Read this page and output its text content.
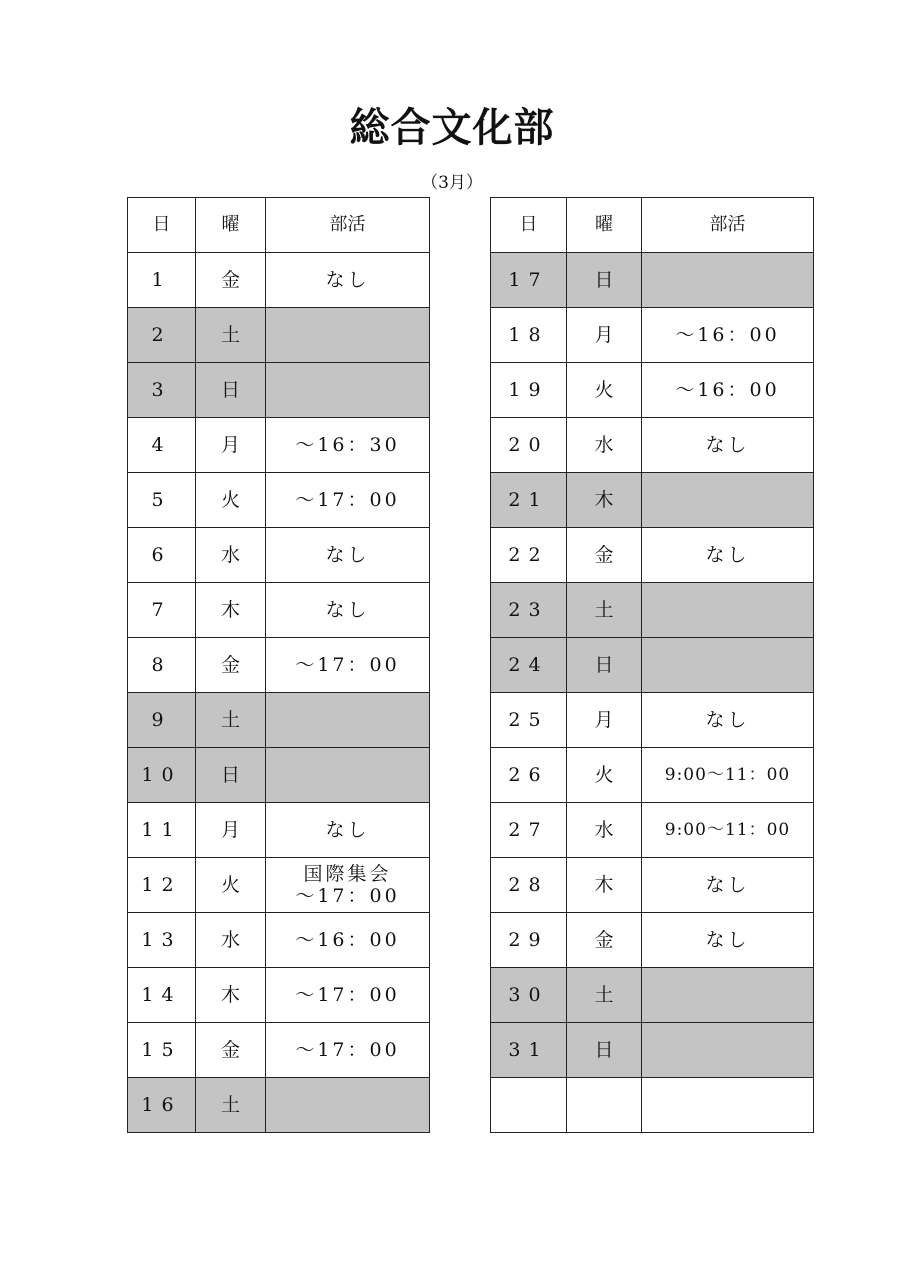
総合文化部
（3月）
日	曜	部活
1	金	なし
2	土	
3	日	
4	月	～16：30
5	火	～17：00
6	水	なし
7	木	なし
8	金	～17：00
9	土	
10	日	
11	月	なし
12	火	国際集会
～17：00

13	水	～16：00
14	木	～17：00
15	金	～17：00
16	土	
日	曜	部活
17	日	
18	月	～16：00
19	火	～16：00
20	水	なし
21	木	
22	金	なし
23	土	
24	日	
25	月	なし
26	火	9:00～11：00
27	水	9:00～11：00
28	木	なし
29	金	なし
30	土	
31	日	
